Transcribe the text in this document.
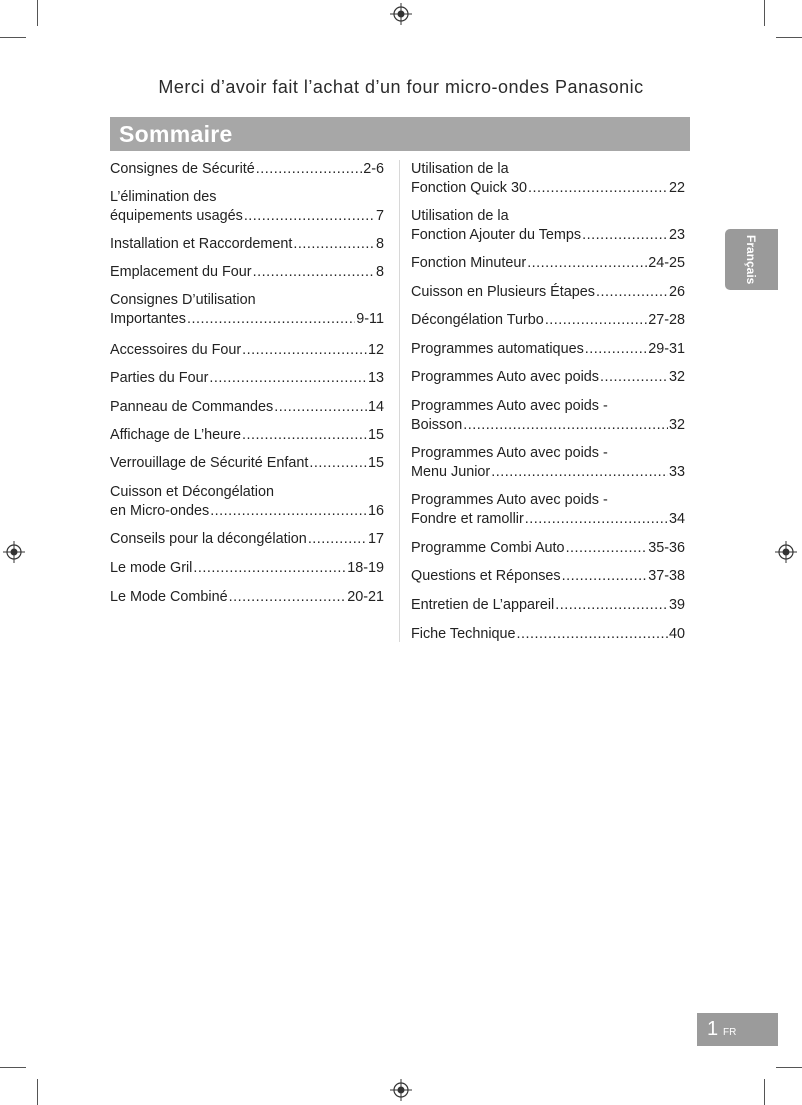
Merci d’avoir fait l’achat d’un four micro-ondes Panasonic
Sommaire
Consignes de Sécurité .....	2-6
L’élimination des
équipements usagés .....	7
Installation et Raccordement .....	8
Emplacement du Four .....	8
Consignes D’utilisation
Importantes .....	9-11
Accessoires du Four .....	12
Parties du Four .....	13
Panneau de Commandes .....	14
Affichage de L’heure .....	15
Verrouillage de Sécurité Enfant .....	15
Cuisson et Décongélation
en Micro-ondes .....	16
Conseils pour la décongélation .....	17
Le mode Gril .....	18-19
Le Mode Combiné .....	20-21
Utilisation de la
Fonction Quick 30 .....	22
Utilisation de la
Fonction Ajouter du Temps .....	23
Fonction Minuteur .....	24-25
Cuisson en Plusieurs Étapes .....	26
Décongélation Turbo .....	27-28
Programmes automatiques .....	29-31
Programmes Auto avec poids .....	32
Programmes Auto avec poids -
Boisson .....	32
Programmes Auto avec poids -
Menu Junior .....	33
Programmes Auto avec poids -
Fondre et ramollir .....	34
Programme Combi Auto .....	35-36
Questions et Réponses .....	37-38
Entretien de L’appareil .....	39
Fiche Technique .....	40
Français
1 FR
